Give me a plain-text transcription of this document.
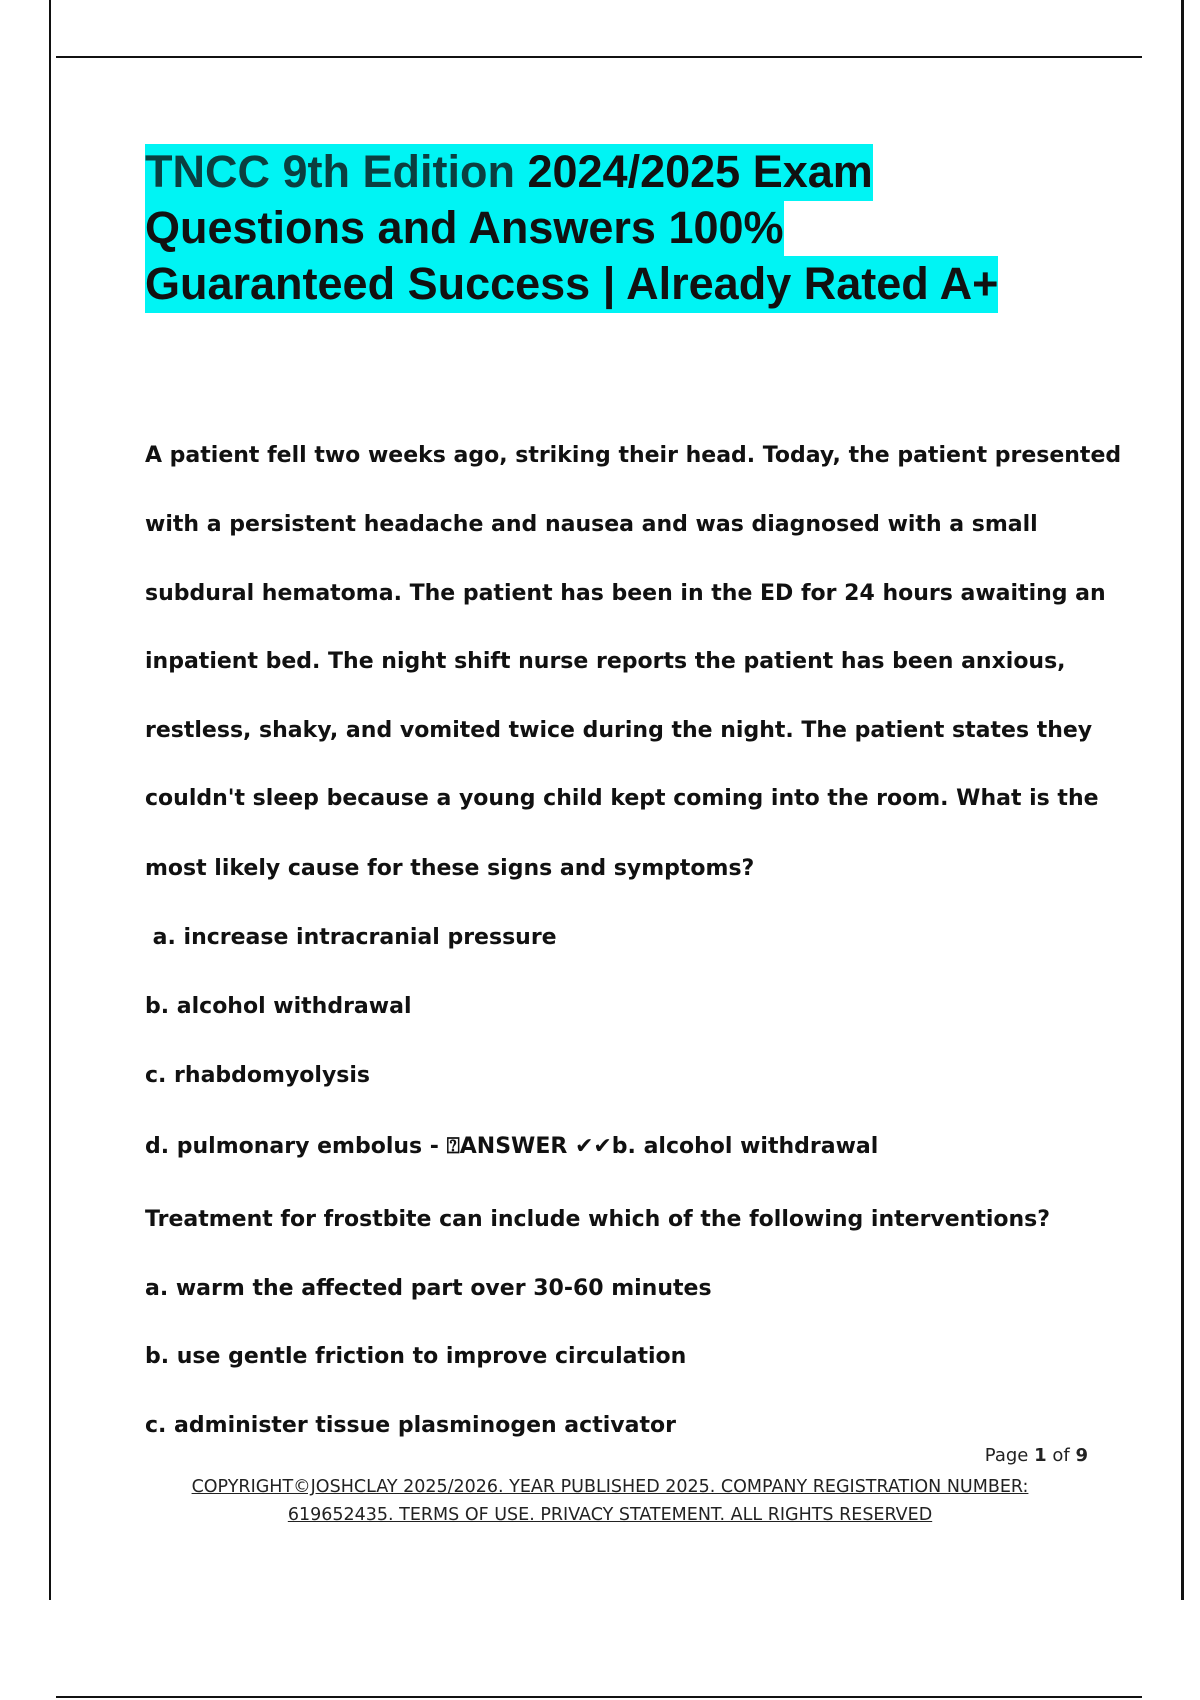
TNCC 9th Edition 2024/2025 Exam
Questions and Answers 100%
Guaranteed Success | Already Rated A+

A patient fell two weeks ago, striking their head. Today, the patient presented

with a persistent headache and nausea and was diagnosed with a small

subdural hematoma. The patient has been in the ED for 24 hours awaiting an

inpatient bed. The night shift nurse reports the patient has been anxious,

restless, shaky, and vomited twice during the night. The patient states they

couldn't sleep because a young child kept coming into the room. What is the

most likely cause for these signs and symptoms?

a. increase intracranial pressure

b. alcohol withdrawal

c. rhabdomyolysis

d. pulmonary embolus - ⍰ANSWER ✔✔b. alcohol withdrawal

Treatment for frostbite can include which of the following interventions?

a. warm the affected part over 30-60 minutes

b. use gentle friction to improve circulation

c. administer tissue plasminogen activator

Page 1 of 9
COPYRIGHT©JOSHCLAY 2025/2026. YEAR PUBLISHED 2025. COMPANY REGISTRATION NUMBER:
619652435. TERMS OF USE. PRIVACY STATEMENT. ALL RIGHTS RESERVED
